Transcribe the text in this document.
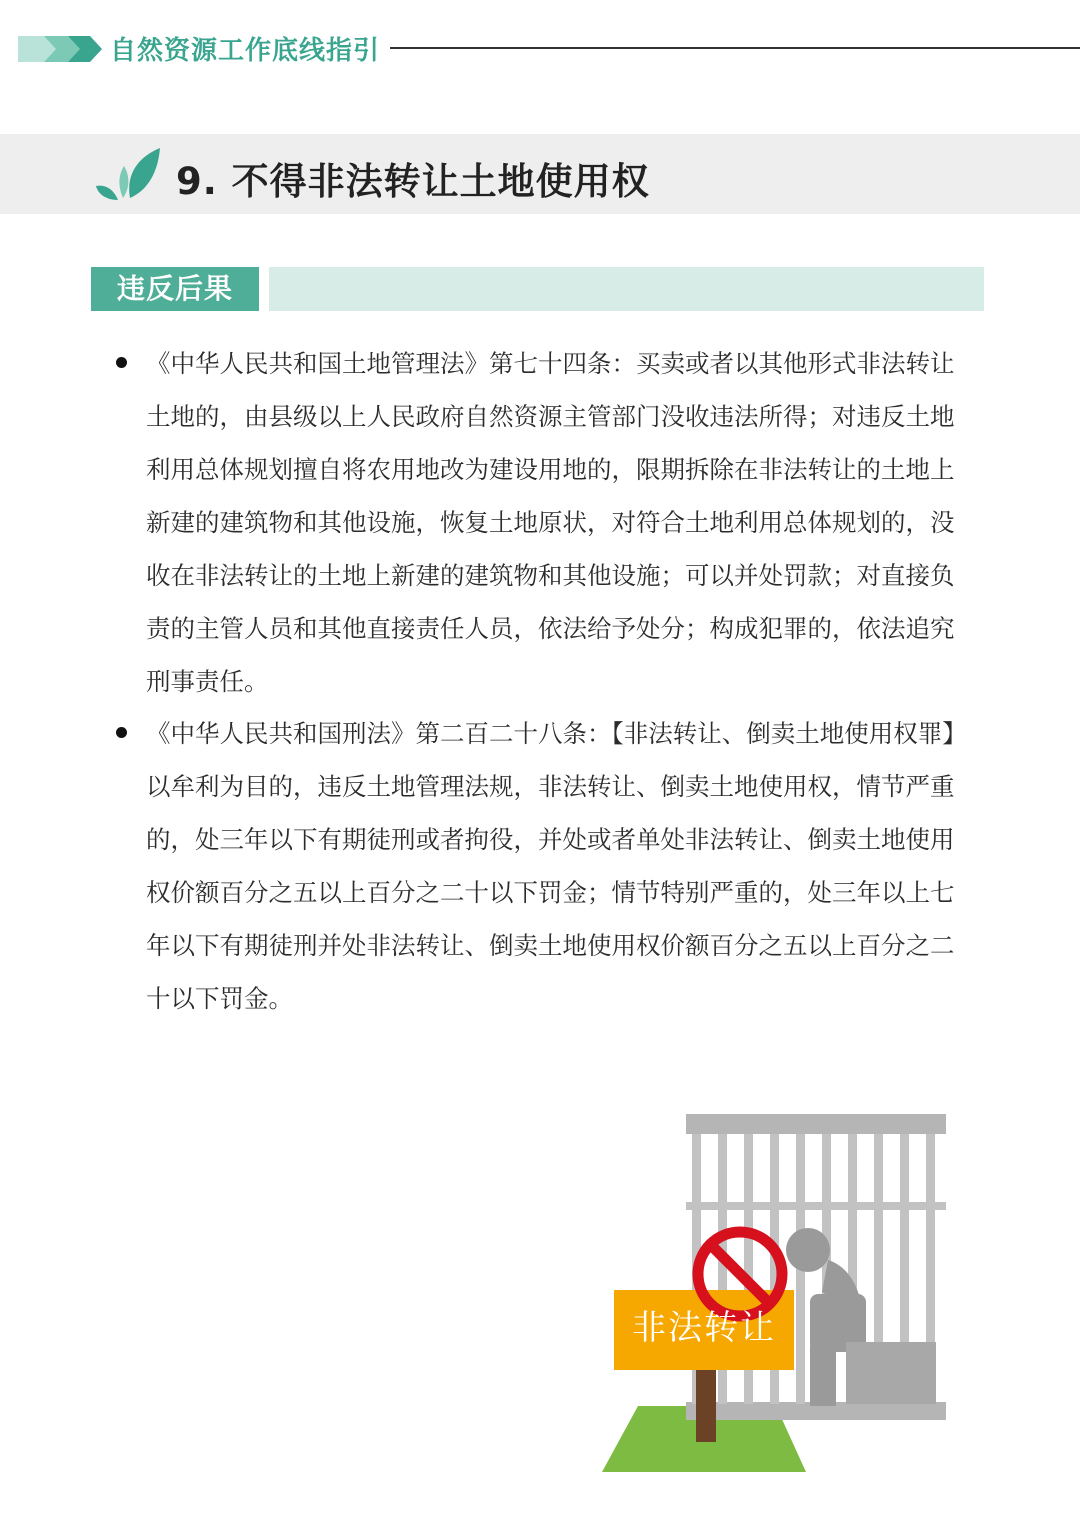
自然资源工作底线指引
9. 不得非法转让土地使用权
违反后果
《中华人民共和国土地管理法》第七十四条：买卖或者以其他形式非法转让土地的，由县级以上人民政府自然资源主管部门没收违法所得；对违反土地利用总体规划擅自将农用地改为建设用地的，限期拆除在非法转让的土地上新建的建筑物和其他设施，恢复土地原状，对符合土地利用总体规划的，没收在非法转让的土地上新建的建筑物和其他设施；可以并处罚款；对直接负责的主管人员和其他直接责任人员，依法给予处分；构成犯罪的，依法追究刑事责任。
《中华人民共和国刑法》第二百二十八条：【非法转让、倒卖土地使用权罪】以牟利为目的，违反土地管理法规，非法转让、倒卖土地使用权，情节严重的，处三年以下有期徒刑或者拘役，并处或者单处非法转让、倒卖土地使用权价额百分之五以上百分之二十以下罚金；情节特别严重的，处三年以上七年以下有期徒刑并处非法转让、倒卖土地使用权价额百分之五以上百分之二十以下罚金。
非法转让
